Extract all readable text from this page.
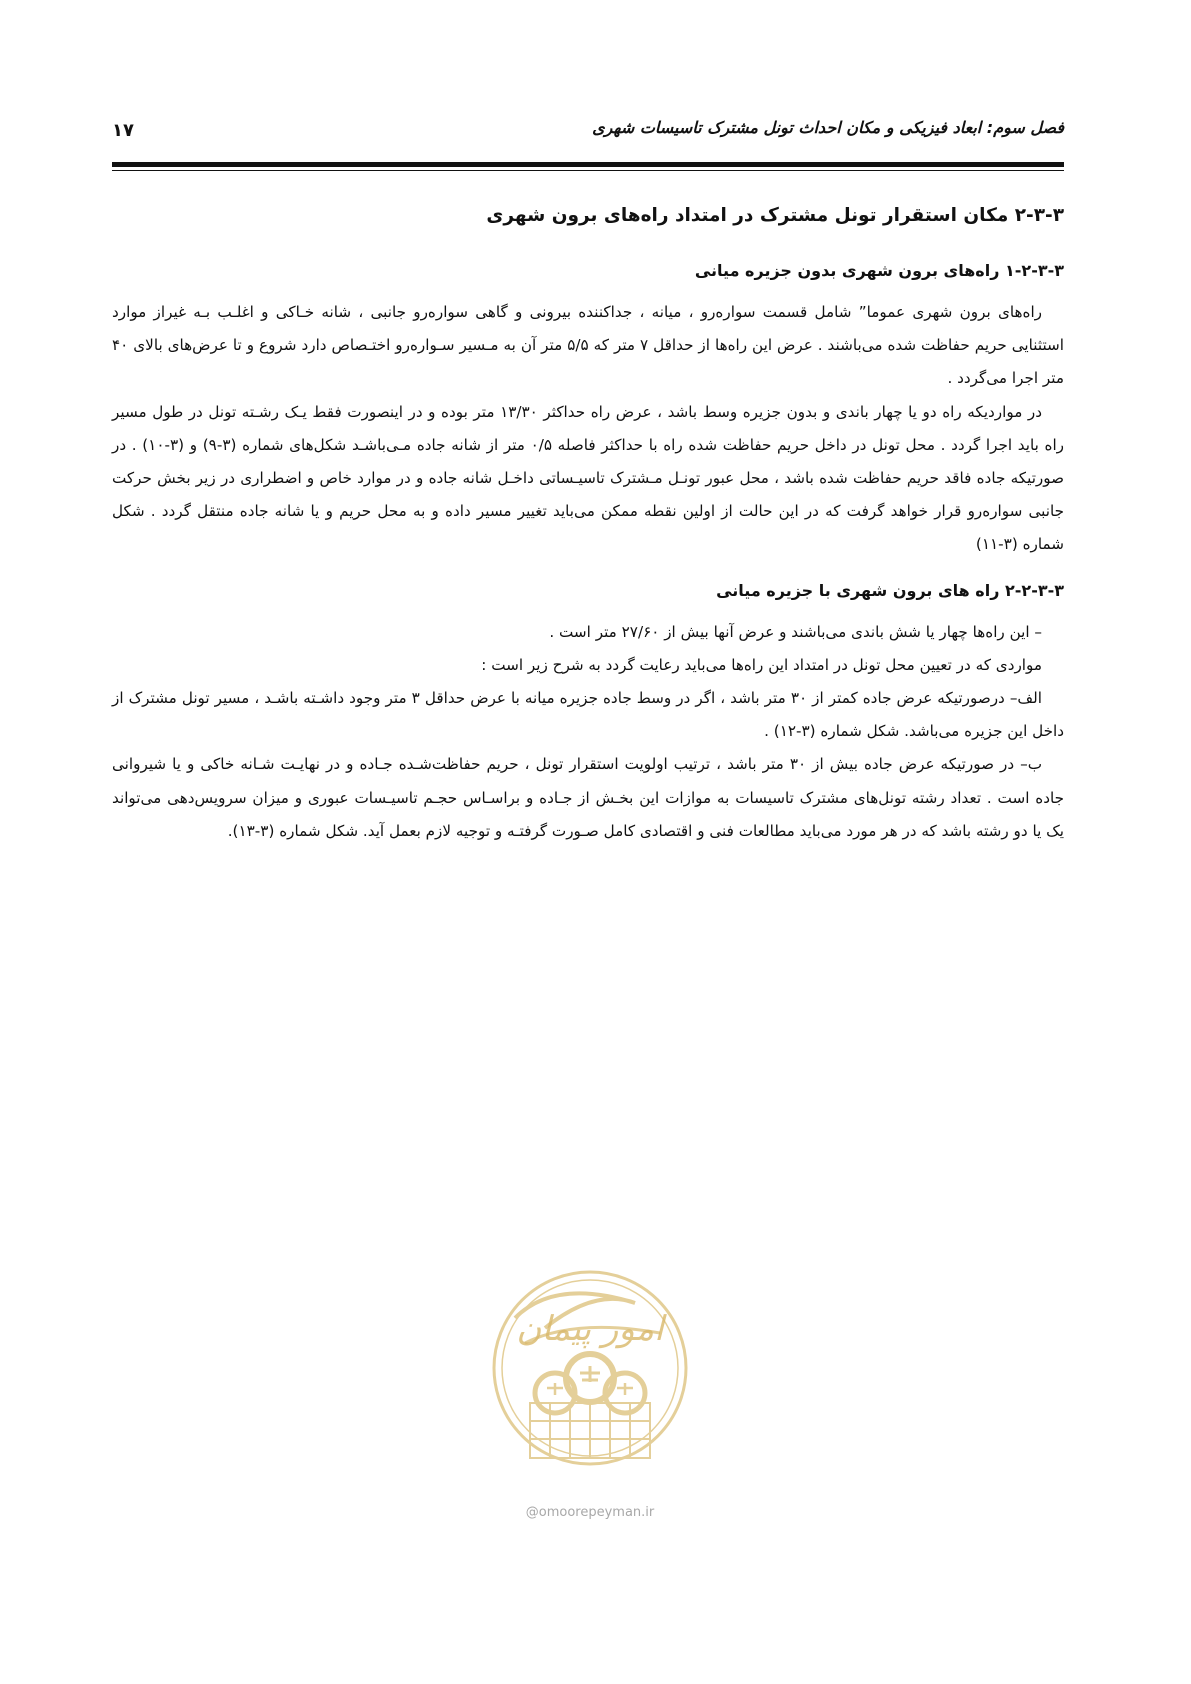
فصل سوم: ابعاد فیزیکی و مکان احداث تونل مشترک تاسیسات شهری
۱۷
۲-۳-۳ مکان استقرار تونل مشترک در امتداد راه‌های برون شهری
۱-۲-۳-۳ راه‌های برون شهری بدون جزیره میانی

راه‌های برون شهری عموما” شامل قسمت سواره‌رو ، میانه ، جداکننده بیرونی و گاهی سواره‌رو جانبی ، شانه خـاکی و اغلـب بـه غیراز موارد استثنایی حریم حفاظت شده می‌باشند . عرض این راه‌ها از حداقل ۷ متر که ۵/۵ متر آن به مـسیر سـواره‌رو اختـصاص دارد شروع و تا عرض‌های بالای ۴۰ متر اجرا می‌گردد .

در مواردیکه راه دو یا چهار باندی و بدون جزیره وسط باشد ، عرض راه حداکثر ۱۳/۳۰ متر بوده و در اینصورت فقط یـک رشـته تونل در طول مسیر راه باید اجرا گردد . محل تونل در داخل حریم حفاظت شده راه با حداکثر فاصله ۰/۵ متر از شانه جاده مـی‌باشـد شکل‌های شماره (۳-۹) و (۳-۱۰) . در صورتیکه جاده فاقد حریم حفاظت شده باشد ، محل عبور تونـل مـشترک تاسیـساتی داخـل شانه جاده و در موارد خاص و اضطراری در زیر بخش حرکت جانبی سواره‌رو قرار خواهد گرفت که در این حالت از اولین نقطه ممکن می‌باید تغییر مسیر داده و به محل حریم و یا شانه جاده منتقل گردد . شکل شماره (۳-۱۱)

۲-۲-۳-۳ راه های برون شهری با جزیره میانی
– این راه‌ها چهار یا شش باندی می‌باشند و عرض آنها بیش از ۲۷/۶۰ متر است .
مواردی که در تعیین محل تونل در امتداد این راه‌ها می‌باید رعایت گردد به شرح زیر است :

الف– درصورتیکه عرض جاده کمتر از ۳۰ متر باشد ، اگر در وسط جاده جزیره میانه با عرض حداقل ۳ متر وجود داشـته باشـد ، مسیر تونل مشترک از داخل این جزیره می‌باشد. شکل شماره (۳-۱۲) .

ب– در صورتیکه عرض جاده بیش از ۳۰ متر باشد ، ترتیب اولویت استقرار تونل ، حریم حفاظت‌شـده جـاده و در نهایـت شـانه خاکی و یا شیروانی جاده است . تعداد رشته تونل‌های مشترک تاسیسات به موازات این بخـش از جـاده و براسـاس حجـم تاسیـسات عبوری و میزان سرویس‌دهی می‌تواند یک یا دو رشته باشد که در هر مورد می‌باید مطالعات فنی و اقتصادی کامل صـورت گرفتـه و توجیه لازم بعمل آید. شکل شماره (۳-۱۳).

امور پیمان
@omoorepeyman.ir
